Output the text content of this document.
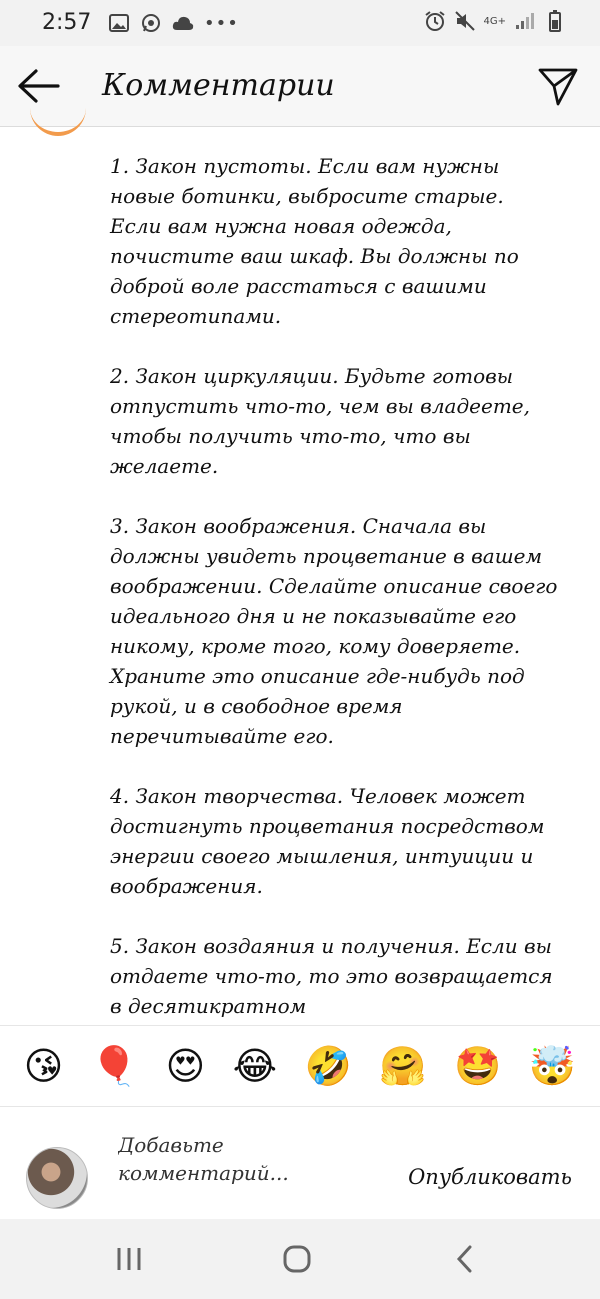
2:57	•••	4G+
Комментарии

1. Закон пустоты. Если вам нужны новые ботинки, выбросите старые. Если вам нужна новая одежда, почистите ваш шкаф. Вы должны по доброй воле расстаться с вашими стереотипами.

2. Закон циркуляции. Будьте готовы отпустить что-то, чем вы владеете, чтобы получить что-то, что вы желаете.

3. Закон воображения. Сначала вы должны увидеть процветание в вашем воображении. Сделайте описание своего идеального дня и не показывайте его никому, кроме того, кому доверяете. Храните это описание где-нибудь под рукой, и в свободное время перечитывайте его.

4. Закон творчества. Человек может достигнуть процветания посредством энергии своего мышления, интуиции и воображения.

5. Закон воздаяния и получения. Если вы отдаете что-то, то это возвращается в десятикратном

😘 🎈 😍 😂 🤣 🤗 🤩 🤯
Добавьте комментарий...
Опубликовать
